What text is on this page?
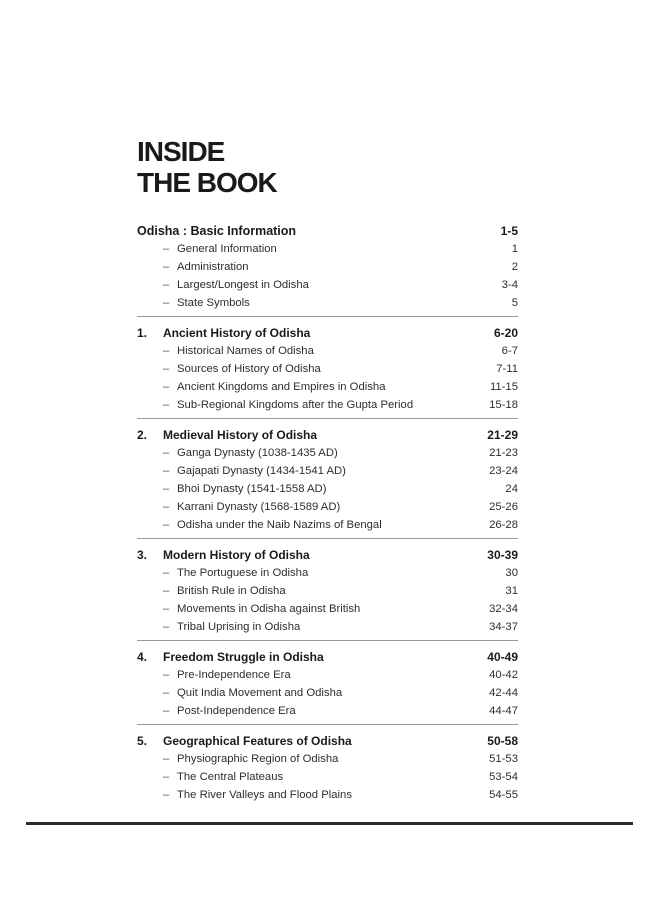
INSIDE
THE BOOK
Odisha : Basic Information	1-5
– General Information	1
– Administration	2
– Largest/Longest in Odisha	3-4
– State Symbols	5
1.	Ancient History of Odisha	6-20
– Historical Names of Odisha	6-7
– Sources of History of Odisha	7-11
– Ancient Kingdoms and Empires in Odisha	11-15
– Sub-Regional Kingdoms after the Gupta Period	15-18
2.	Medieval History of Odisha	21-29
– Ganga Dynasty (1038-1435 AD)	21-23
– Gajapati Dynasty (1434-1541 AD)	23-24
– Bhoi Dynasty (1541-1558 AD)	24
– Karrani Dynasty (1568-1589 AD)	25-26
– Odisha under the Naib Nazims of Bengal	26-28
3.	Modern History of Odisha	30-39
– The Portuguese in Odisha	30
– British Rule in Odisha	31
– Movements in Odisha against British	32-34
– Tribal Uprising in Odisha	34-37
4.	Freedom Struggle in Odisha	40-49
– Pre-Independence Era	40-42
– Quit India Movement and Odisha	42-44
– Post-Independence Era	44-47
5.	Geographical Features of Odisha	50-58
– Physiographic Region of Odisha	51-53
– The Central Plateaus	53-54
– The River Valleys and Flood Plains	54-55
